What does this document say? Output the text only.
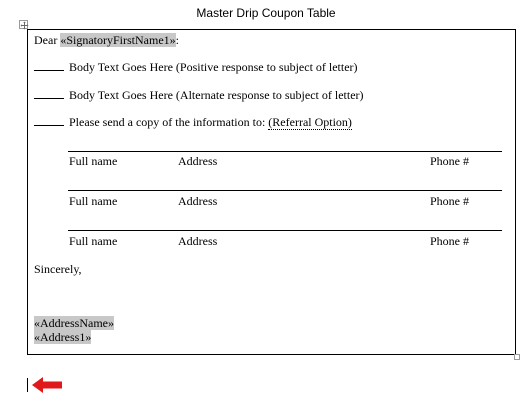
Master Drip Coupon Table
Dear «SignatoryFirstName1»:
Body Text Goes Here (Positive response to subject of letter)
Body Text Goes Here (Alternate response to subject of letter)
Please send a copy of the information to: (Referral Option)
Full name	Address	Phone #
Full name	Address	Phone #
Full name	Address	Phone #
Sincerely,
«AddressName»
«Address1»
